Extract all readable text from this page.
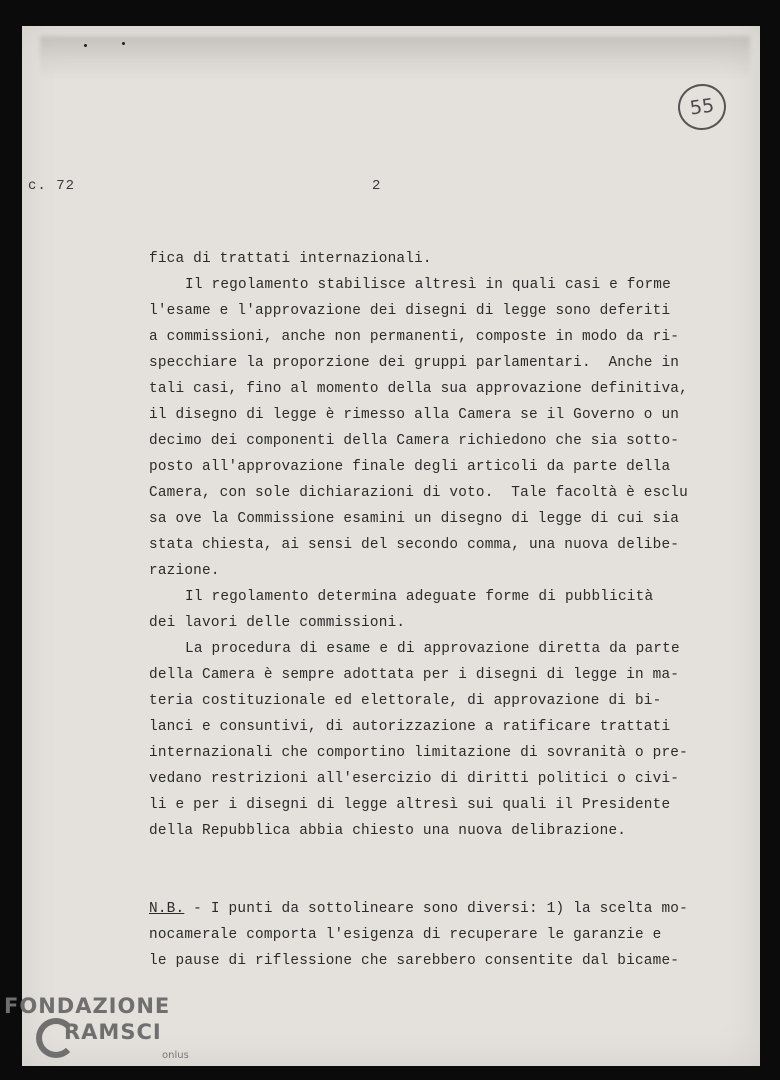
c. 72	2
55
fica di trattati internazionali.
Il regolamento stabilisce altresì in quali casi e forme
l'esame e l'approvazione dei disegni di legge sono deferiti
a commissioni, anche non permanenti, composte in modo da ri-
specchiare la proporzione dei gruppi parlamentari.  Anche in
tali casi, fino al momento della sua approvazione definitiva,
il disegno di legge è rimesso alla Camera se il Governo o un
decimo dei componenti della Camera richiedono che sia sotto-
posto all'approvazione finale degli articoli da parte della
Camera, con sole dichiarazioni di voto.  Tale facoltà è esclu
sa ove la Commissione esamini un disegno di legge di cui sia
stata chiesta, ai sensi del secondo comma, una nuova delibe-
razione.
Il regolamento determina adeguate forme di pubblicità
dei lavori delle commissioni.
La procedura di esame e di approvazione diretta da parte
della Camera è sempre adottata per i disegni di legge in ma-
teria costituzionale ed elettorale, di approvazione di bi-
lanci e consuntivi, di autorizzazione a ratificare trattati
internazionali che comportino limitazione di sovranità o pre-
vedano restrizioni all'esercizio di diritti politici o civi-
li e per i disegni di legge altresì sui quali il Presidente
della Repubblica abbia chiesto una nuova delibrazione.
N.B. - I punti da sottolineare sono diversi: 1) la scelta mo-
nocamerale comporta l'esigenza di recuperare le garanzie e
le pause di riflessione che sarebbero consentite dal bicame-
FONDAZIONE
RAMSCI
onlus
